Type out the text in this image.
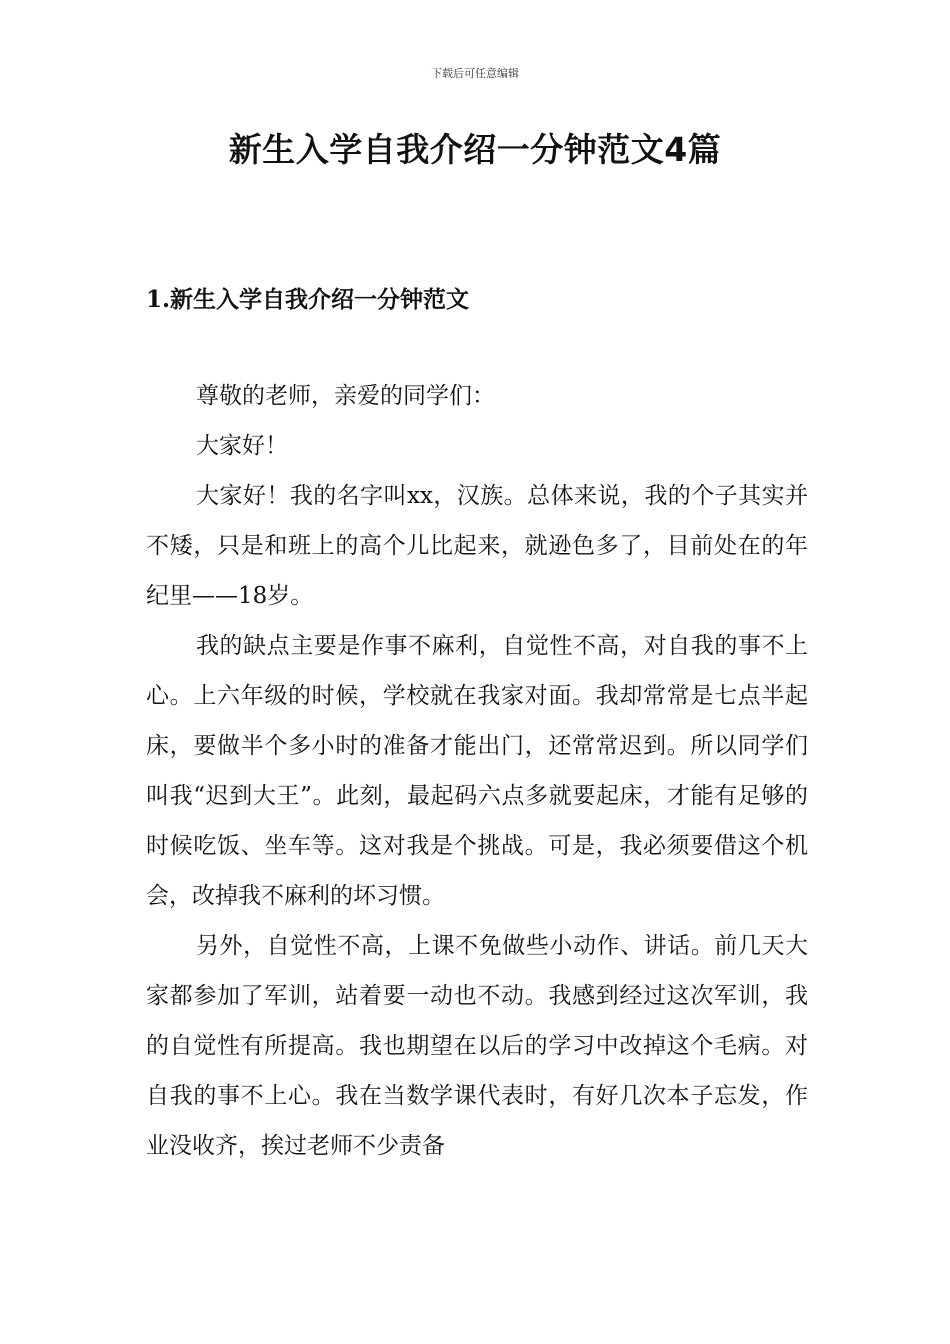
下载后可任意编辑
新生入学自我介绍一分钟范文4篇
1.新生入学自我介绍一分钟范文

尊敬的老师，亲爱的同学们：

大家好！

大家好！我的名字叫xx，汉族。总体来说，我的个子其实并不矮，只是和班上的高个儿比起来，就逊色多了，目前处在的年纪里——18岁。

我的缺点主要是作事不麻利，自觉性不高，对自我的事不上心。上六年级的时候，学校就在我家对面。我却常常是七点半起床，要做半个多小时的准备才能出门，还常常迟到。所以同学们叫我“迟到大王”。此刻，最起码六点多就要起床，才能有足够的时候吃饭、坐车等。这对我是个挑战。可是，我必须要借这个机会，改掉我不麻利的坏习惯。

另外，自觉性不高，上课不免做些小动作、讲话。前几天大家都参加了军训，站着要一动也不动。我感到经过这次军训，我的自觉性有所提高。我也期望在以后的学习中改掉这个毛病。对自我的事不上心。我在当数学课代表时，有好几次本子忘发，作业没收齐，挨过老师不少责备
